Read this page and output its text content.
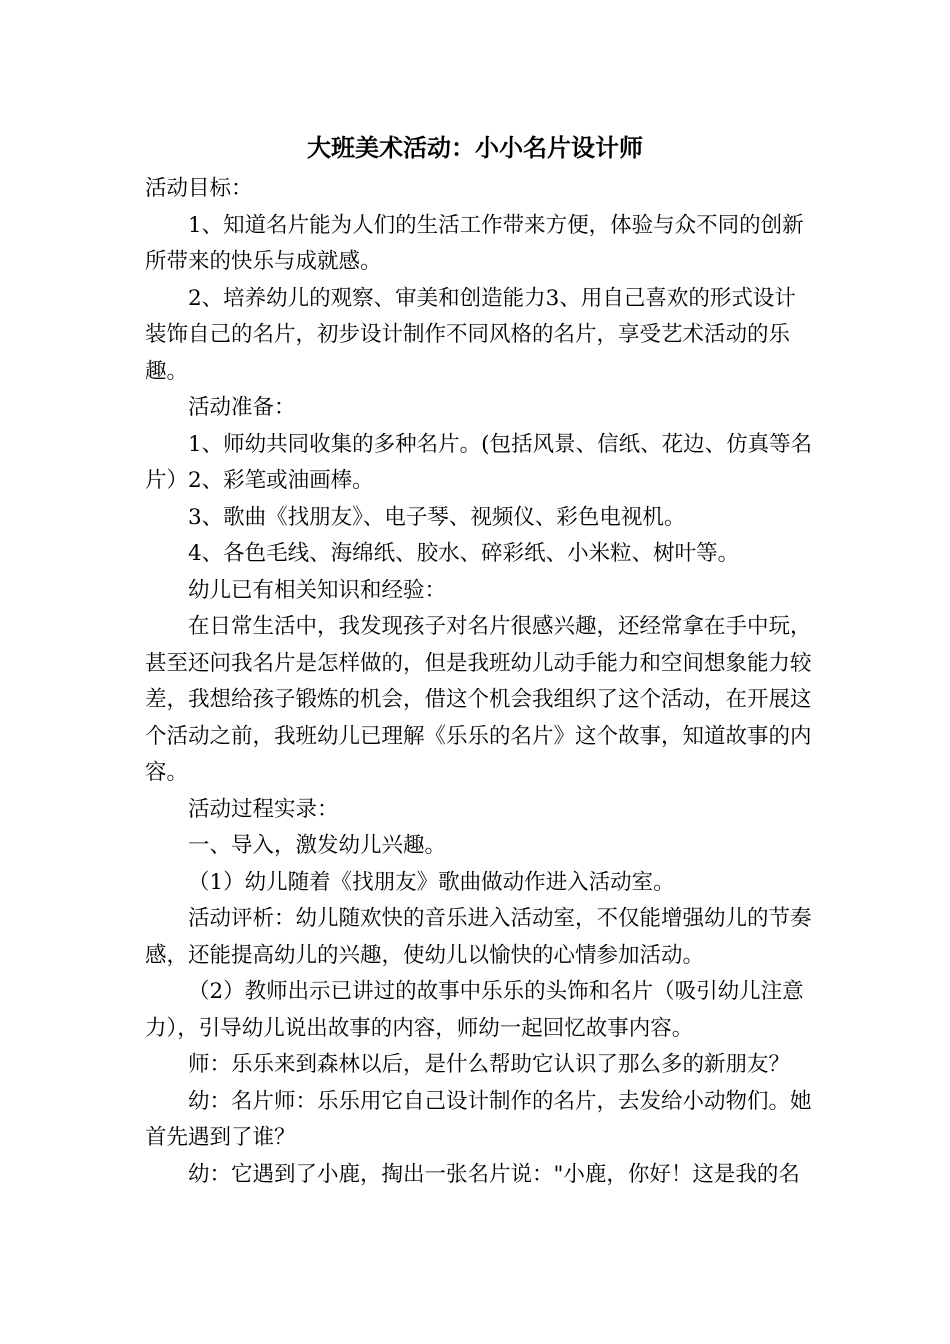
大班美术活动：小小名片设计师

活动目标：

1、知道名片能为人们的生活工作带来方便，体验与众不同的创新所带来的快乐与成就感。

2、培养幼儿的观察、审美和创造能力3、用自己喜欢的形式设计装饰自己的名片，初步设计制作不同风格的名片，享受艺术活动的乐趣。

活动准备：

1、师幼共同收集的多种名片。(包括风景、信纸、花边、仿真等名片）2、彩笔或油画棒。

3、歌曲《找朋友》、电子琴、视频仪、彩色电视机。

4、各色毛线、海绵纸、胶水、碎彩纸、小米粒、树叶等。

幼儿已有相关知识和经验：

在日常生活中，我发现孩子对名片很感兴趣，还经常拿在手中玩，甚至还问我名片是怎样做的，但是我班幼儿动手能力和空间想象能力较差，我想给孩子锻炼的机会，借这个机会我组织了这个活动，在开展这个活动之前，我班幼儿已理解《乐乐的名片》这个故事，知道故事的内容。

活动过程实录：

一、导入，激发幼儿兴趣。

（1）幼儿随着《找朋友》歌曲做动作进入活动室。

活动评析：幼儿随欢快的音乐进入活动室，不仅能增强幼儿的节奏感，还能提高幼儿的兴趣，使幼儿以愉快的心情参加活动。

（2）教师出示已讲过的故事中乐乐的头饰和名片（吸引幼儿注意力），引导幼儿说出故事的内容，师幼一起回忆故事内容。

师：乐乐来到森林以后，是什么帮助它认识了那么多的新朋友？

幼：名片师：乐乐用它自己设计制作的名片，去发给小动物们。她首先遇到了谁？

幼：它遇到了小鹿，掏出一张名片说："小鹿，你好！这是我的名
